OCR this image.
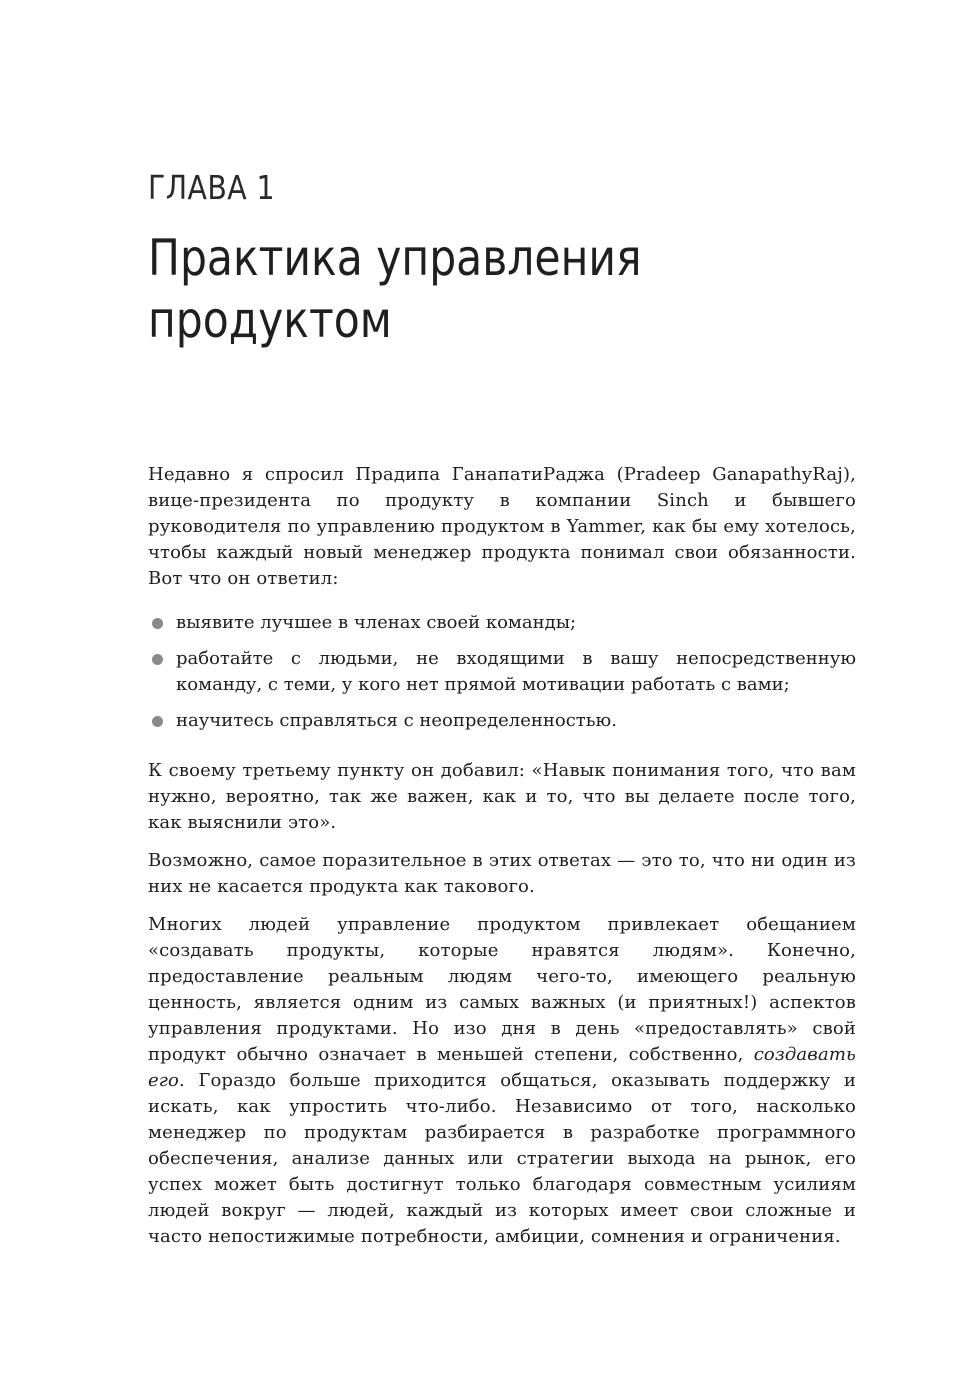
ГЛАВА 1
Практика управления
продуктом

Недавно я спросил Прадипа ГанапатиРаджа (Pradeep GanapathyRaj), вице-президента по продукту в компании Sinch и бывшего руководителя по управлению продуктом в Yammer, как бы ему хотелось, чтобы каждый новый менеджер продукта понимал свои обязанности. Вот что он ответил:

выявите лучшее в членах своей команды;
работайте с людьми, не входящими в вашу непосредственную команду, с теми, у кого нет прямой мотивации работать с вами;
научитесь справляться с неопределенностью.

К своему третьему пункту он добавил: «Навык понимания того, что вам нужно, вероятно, так же важен, как и то, что вы делаете после того, как выяснили это».

Возможно, самое поразительное в этих ответах — это то, что ни один из них не касается продукта как такового.

Многих людей управление продуктом привлекает обещанием «создавать продукты, которые нравятся людям». Конечно, предоставление реальным людям чего-то, имеющего реальную ценность, является одним из самых важных (и приятных!) аспектов управления продуктами. Но изо дня в день «предоставлять» свой продукт обычно означает в меньшей степени, собственно, создавать его. Гораздо больше приходится общаться, оказывать поддержку и искать, как упростить что-либо. Независимо от того, насколько менеджер по продуктам разбирается в разработке программного обеспечения, анализе данных или стратегии выхода на рынок, его успех может быть достигнут только благодаря совместным усилиям людей вокруг — людей, каждый из которых имеет свои сложные и часто непостижимые потребности, амбиции, сомнения и ограничения.
